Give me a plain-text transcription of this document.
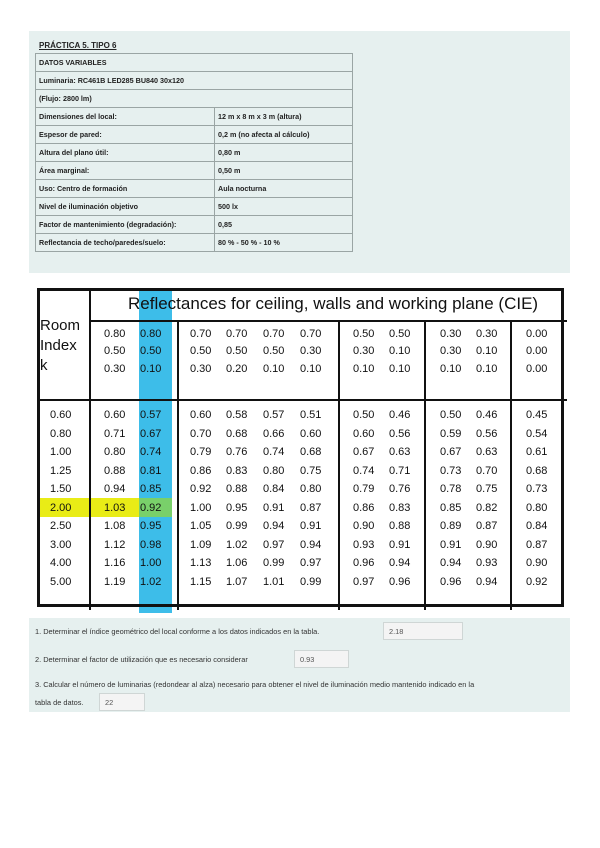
PRÁCTICA 5. TIPO 6
DATOS VARIABLES	
Luminaria: RC461B LED285 BU840 30x120	
(Flujo: 2800 lm)	
Dimensiones del local:	12 m x 8 m x 3 m (altura)
Espesor de pared:	0,2 m (no afecta al cálculo)
Altura del plano útil:	0,80 m
Área marginal:	0,50 m
Uso: Centro de formación	Aula nocturna
Nivel de iluminación objetivo	500 lx
Factor de mantenimiento (degradación):	0,85
Reflectancia de techo/paredes/suelo:	80 % - 50 % - 10 %
Reflectances for ceiling, walls and working plane (CIE)
Room
Index
k
0.80 0.80	0.70 0.70 0.70 0.70	0.50 0.50	0.30 0.30	0.00
0.50 0.50	0.50 0.50 0.50 0.30	0.30 0.10	0.30 0.10	0.00
0.30 0.10	0.30 0.20 0.10 0.10	0.10 0.10	0.10 0.10	0.00
0.60	0.60 0.57	0.60 0.58 0.57 0.51	0.50 0.46	0.50 0.46	0.45
0.80	0.71 0.67	0.70 0.68 0.66 0.60	0.60 0.56	0.59 0.56	0.54
1.00	0.80 0.74	0.79 0.76 0.74 0.68	0.67 0.63	0.67 0.63	0.61
1.25	0.88 0.81	0.86 0.83 0.80 0.75	0.74 0.71	0.73 0.70	0.68
1.50	0.94 0.85	0.92 0.88 0.84 0.80	0.79 0.76	0.78 0.75	0.73
2.00	1.03 0.92	1.00 0.95 0.91 0.87	0.86 0.83	0.85 0.82	0.80
2.50	1.08 0.95	1.05 0.99 0.94 0.91	0.90 0.88	0.89 0.87	0.84
3.00	1.12 0.98	1.09 1.02 0.97 0.94	0.93 0.91	0.91 0.90	0.87
4.00	1.16 1.00	1.13 1.06 0.99 0.97	0.96 0.94	0.94 0.93	0.90
5.00	1.19 1.02	1.15 1.07 1.01 0.99	0.97 0.96	0.96 0.94	0.92
1. Determinar el índice geométrico del local conforme a los datos indicados en la tabla.	2.18
2. Determinar el factor de utilización que es necesario considerar	0.93
3. Calcular el número de luminarias (redondear al alza) necesario para obtener el nivel de iluminación medio mantenido indicado en la
tabla de datos.	22
